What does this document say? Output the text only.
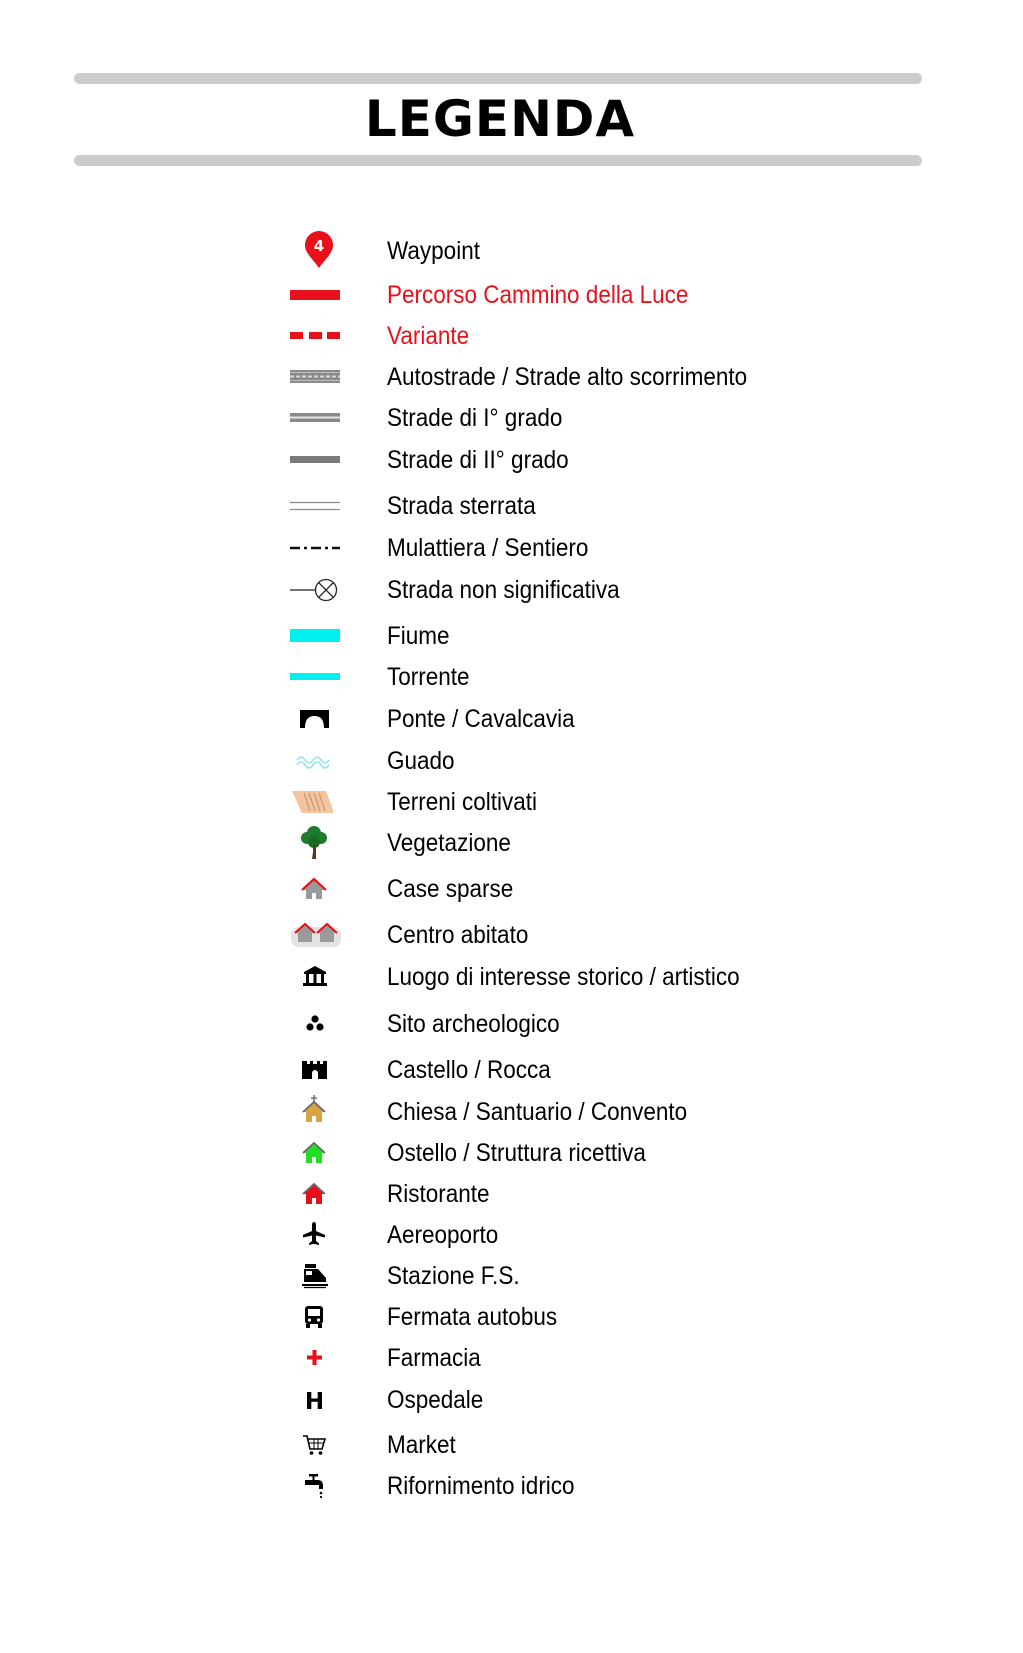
LEGENDA
4	Waypoint
Percorso Cammino della Luce
Variante
Autostrade / Strade alto scorrimento
Strade di I° grado
Strade di II° grado
Strada sterrata
Mulattiera / Sentiero
Strada non significativa
Fiume
Torrente
Ponte / Cavalcavia
Guado
Terreni coltivati
Vegetazione
Case sparse
Centro abitato
Luogo di interesse storico / artistico
Sito archeologico
Castello / Rocca
Chiesa / Santuario / Convento
Ostello / Struttura ricettiva
Ristorante
Aereoporto
Stazione F.S.
Fermata autobus
Farmacia
H	Ospedale
Market
Rifornimento idrico
